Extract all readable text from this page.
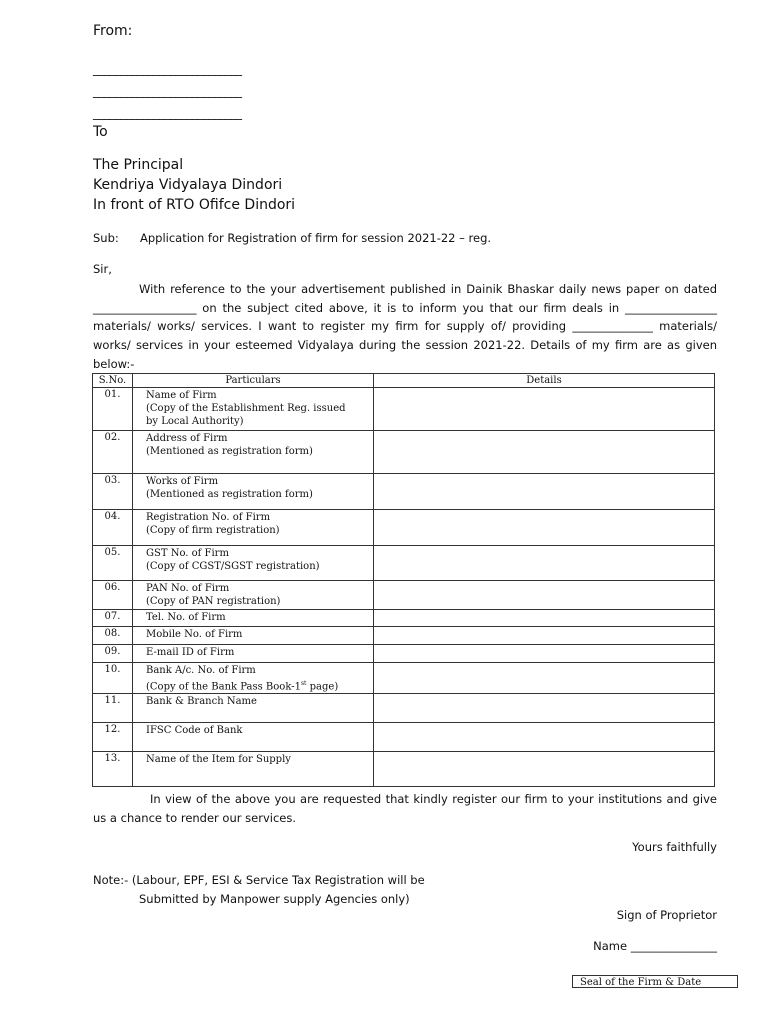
From:
___________________________
___________________________
___________________________
To
The Principal
Kendriya Vidyalaya Dindori
In front of RTO Ofifce Dindori
Sub: Application for Registration of firm for session 2021-22 – reg.
Sir,
With reference to the your advertisement published in Dainik Bhaskar daily news paper on dated __________________ on the subject cited above, it is to inform you that our firm deals in ________________ materials/ works/ services. I want to register my firm for supply of/ providing ______________ materials/ works/ services in your esteemed Vidyalaya during the session 2021-22. Details of my firm are as given below:-
S.No.	Particulars	Details
01.	Name of Firm
(Copy of the Establishment Reg. issued
by Local Authority)	

02.	Address of Firm
(Mentioned as registration form)	

03.	Works of Firm
(Mentioned as registration form)	

04.	Registration No. of Firm
(Copy of firm registration)	

05.	GST No. of Firm
(Copy of CGST/SGST registration)	

06.	PAN No. of Firm
(Copy of PAN registration)	

07.	Tel. No. of Firm	
08.	Mobile No. of Firm	
09.	E-mail ID of Firm	
10.	Bank A/c. No. of Firm
(Copy of the Bank Pass Book-1st page)	

11.	Bank & Branch Name	
12.	IFSC Code of Bank	
13.	Name of the Item for Supply	
In view of the above you are requested that kindly register our firm to your institutions and give us a chance to render our services.
Yours faithfully
Note:- (Labour, EPF, ESI & Service Tax Registration will be
Submitted by Manpower supply Agencies only)
Sign of Proprietor
Name _______________
Seal of the Firm & Date
